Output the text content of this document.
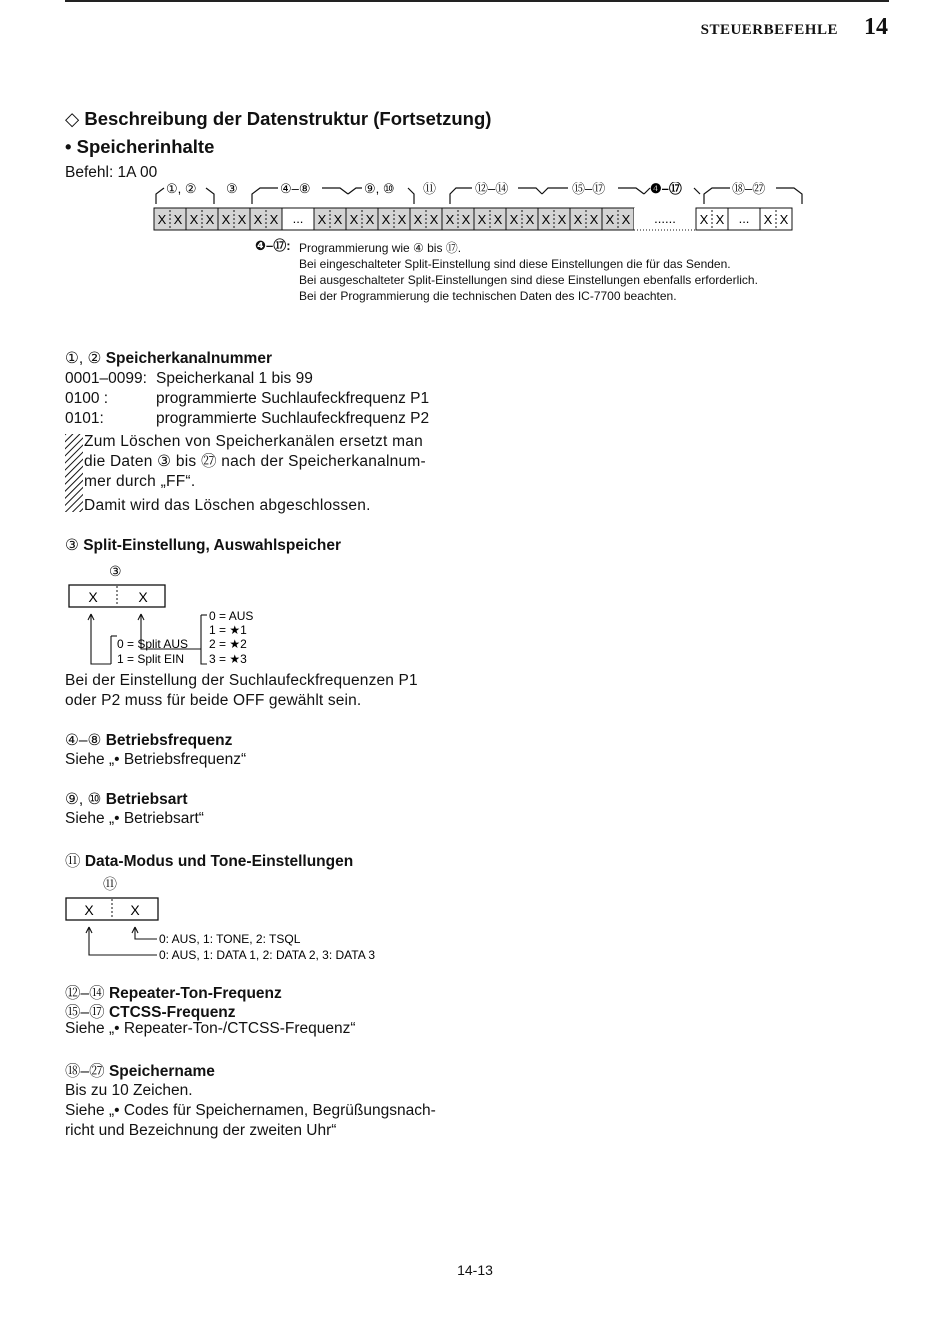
STEUERBEFEHLE 14
◇ Beschreibung der Datenstruktur (Fortsetzung)
• Speicherinhalte
Befehl: 1A 00
①, ② ③	④–⑧	⑨, ⑩ ⑪	⑫–⑭	⑮–⑰	❹–⑰	⑱–㉗
X X X X X X X X ... X X X X X X X X X X X X X X X X X X X X ...... X X ... X X
❹–⑰: Programmierung wie ④ bis ⑰.
Bei eingeschalteter Split-Einstellung sind diese Einstellungen die für das Senden.
Bei ausgeschalteter Split-Einstellungen sind diese Einstellungen ebenfalls erforderlich.
Bei der Programmierung die technischen Daten des IC-7700 beachten.
①, ② Speicherkanalnummer
0001–0099: Speicherkanal 1 bis 99
0100 :	programmierte Suchlaufeckfrequenz P1
0101:	programmierte Suchlaufeckfrequenz P2
Zum Löschen von Speicherkanälen ersetzt man
die Daten ③ bis ㉗ nach der Speicherkanalnum-
mer durch „FF“.
Damit wird das Löschen abgeschlossen.
③ Split-Einstellung, Auswahlspeicher
③
X	X
0 = AUS
1 = ★1
2 = ★2
3 = ★3
0 = Split AUS
1 = Split EIN
Bei der Einstellung der Suchlaufeckfrequenzen P1
oder P2 muss für beide OFF gewählt sein.
④–⑧ Betriebsfrequenz
Siehe „• Betriebsfrequenz“
⑨, ⑩ Betriebsart
Siehe „• Betriebsart“
⑪ Data-Modus und Tone-Einstellungen
⑪
X	X
0: AUS, 1: TONE, 2: TSQL
0: AUS, 1: DATA 1, 2: DATA 2, 3: DATA 3
⑫–⑭ Repeater-Ton-Frequenz
⑮–⑰ CTCSS-Frequenz
Siehe „• Repeater-Ton-/CTCSS-Frequenz“
⑱–㉗ Speichername
Bis zu 10 Zeichen.
Siehe „• Codes für Speichernamen, Begrüßungsnach-
richt und Bezeichnung der zweiten Uhr“
14-13
